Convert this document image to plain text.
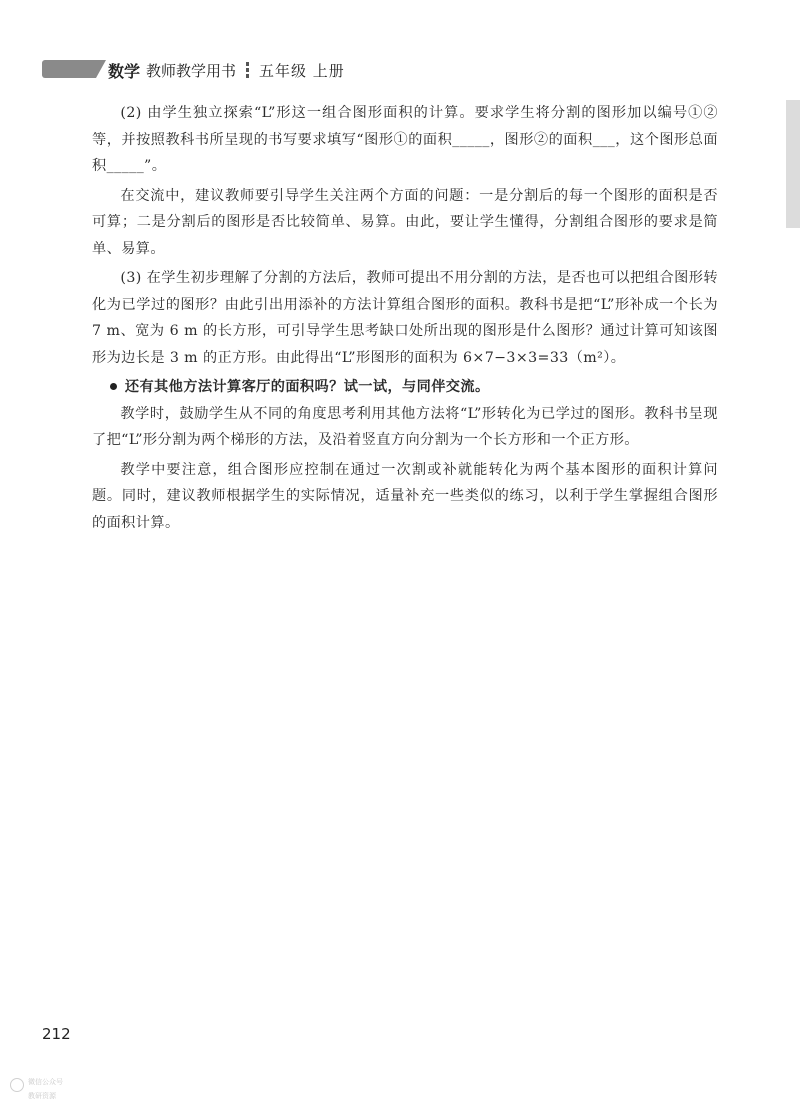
数学 教师教学用书 五年级 上册

(2) 由学生独立探索“L”形这一组合图形面积的计算。要求学生将分割的图形加以编号①②等，并按照教科书所呈现的书写要求填写“图形①的面积_____，图形②的面积___，这个图形总面积_____”。

在交流中，建议教师要引导学生关注两个方面的问题：一是分割后的每一个图形的面积是否可算；二是分割后的图形是否比较简单、易算。由此，要让学生懂得，分割组合图形的要求是简单、易算。

(3) 在学生初步理解了分割的方法后，教师可提出不用分割的方法，是否也可以把组合图形转化为已学过的图形？由此引出用添补的方法计算组合图形的面积。教科书是把“L”形补成一个长为 7 m、宽为 6 m 的长方形，可引导学生思考缺口处所出现的图形是什么图形？通过计算可知该图形为边长是 3 m 的正方形。由此得出“L”形图形的面积为 6×7−3×3=33（m²）。

还有其他方法计算客厅的面积吗？试一试，与同伴交流。

教学时，鼓励学生从不同的角度思考利用其他方法将“L”形转化为已学过的图形。教科书呈现了把“L”形分割为两个梯形的方法，及沿着竖直方向分割为一个长方形和一个正方形。

教学中要注意，组合图形应控制在通过一次割或补就能转化为两个基本图形的面积计算问题。同时，建议教师根据学生的实际情况，适量补充一些类似的练习，以利于学生掌握组合图形的面积计算。

212
微信公众号
教研资源
